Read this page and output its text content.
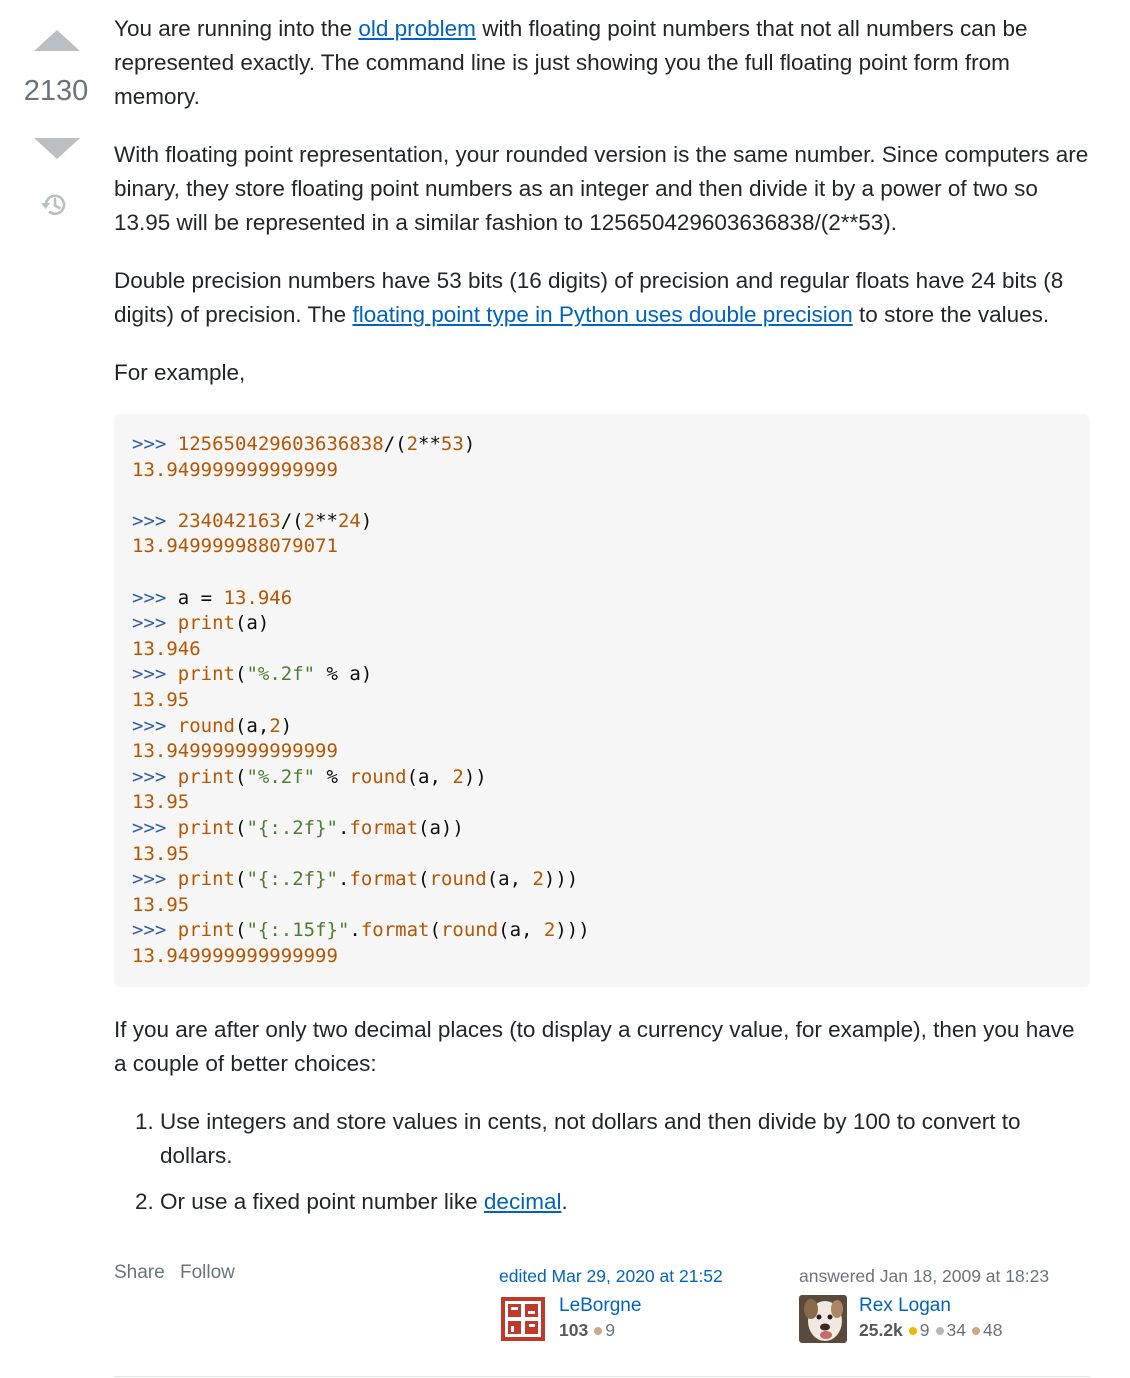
2130

You are running into the old problem with floating point numbers that not all numbers can be represented exactly. The command line is just showing you the full floating point form from memory.

With floating point representation, your rounded version is the same number. Since computers are binary, they store floating point numbers as an integer and then divide it by a power of two so 13.95 will be represented in a similar fashion to 125650429603636838/(2**53).

Double precision numbers have 53 bits (16 digits) of precision and regular floats have 24 bits (8 digits) of precision. The floating point type in Python uses double precision to store the values.

For example,

>>> 125650429603636838/(2**53)
13.949999999999999
>>> 234042163/(2**24)
13.949999988079071
>>> a = 13.946
>>> print(a)
13.946
>>> print("%.2f" % a)
13.95
>>> round(a,2)
13.949999999999999
>>> print("%.2f" % round(a, 2))
13.95
>>> print("{:.2f}".format(a))
13.95
>>> print("{:.2f}".format(round(a, 2)))
13.95
>>> print("{:.15f}".format(round(a, 2)))
13.949999999999999

If you are after only two decimal places (to display a currency value, for example), then you have a couple of better choices:

1. Use integers and store values in cents, not dollars and then divide by 100 to convert to dollars.
2. Or use a fixed point number like decimal.
Share Follow	edited Mar 29, 2020 at 21:52
LeBorgne
103 9
answered Jan 18, 2009 at 18:23
Rex Logan
25.2k 9 34 48
